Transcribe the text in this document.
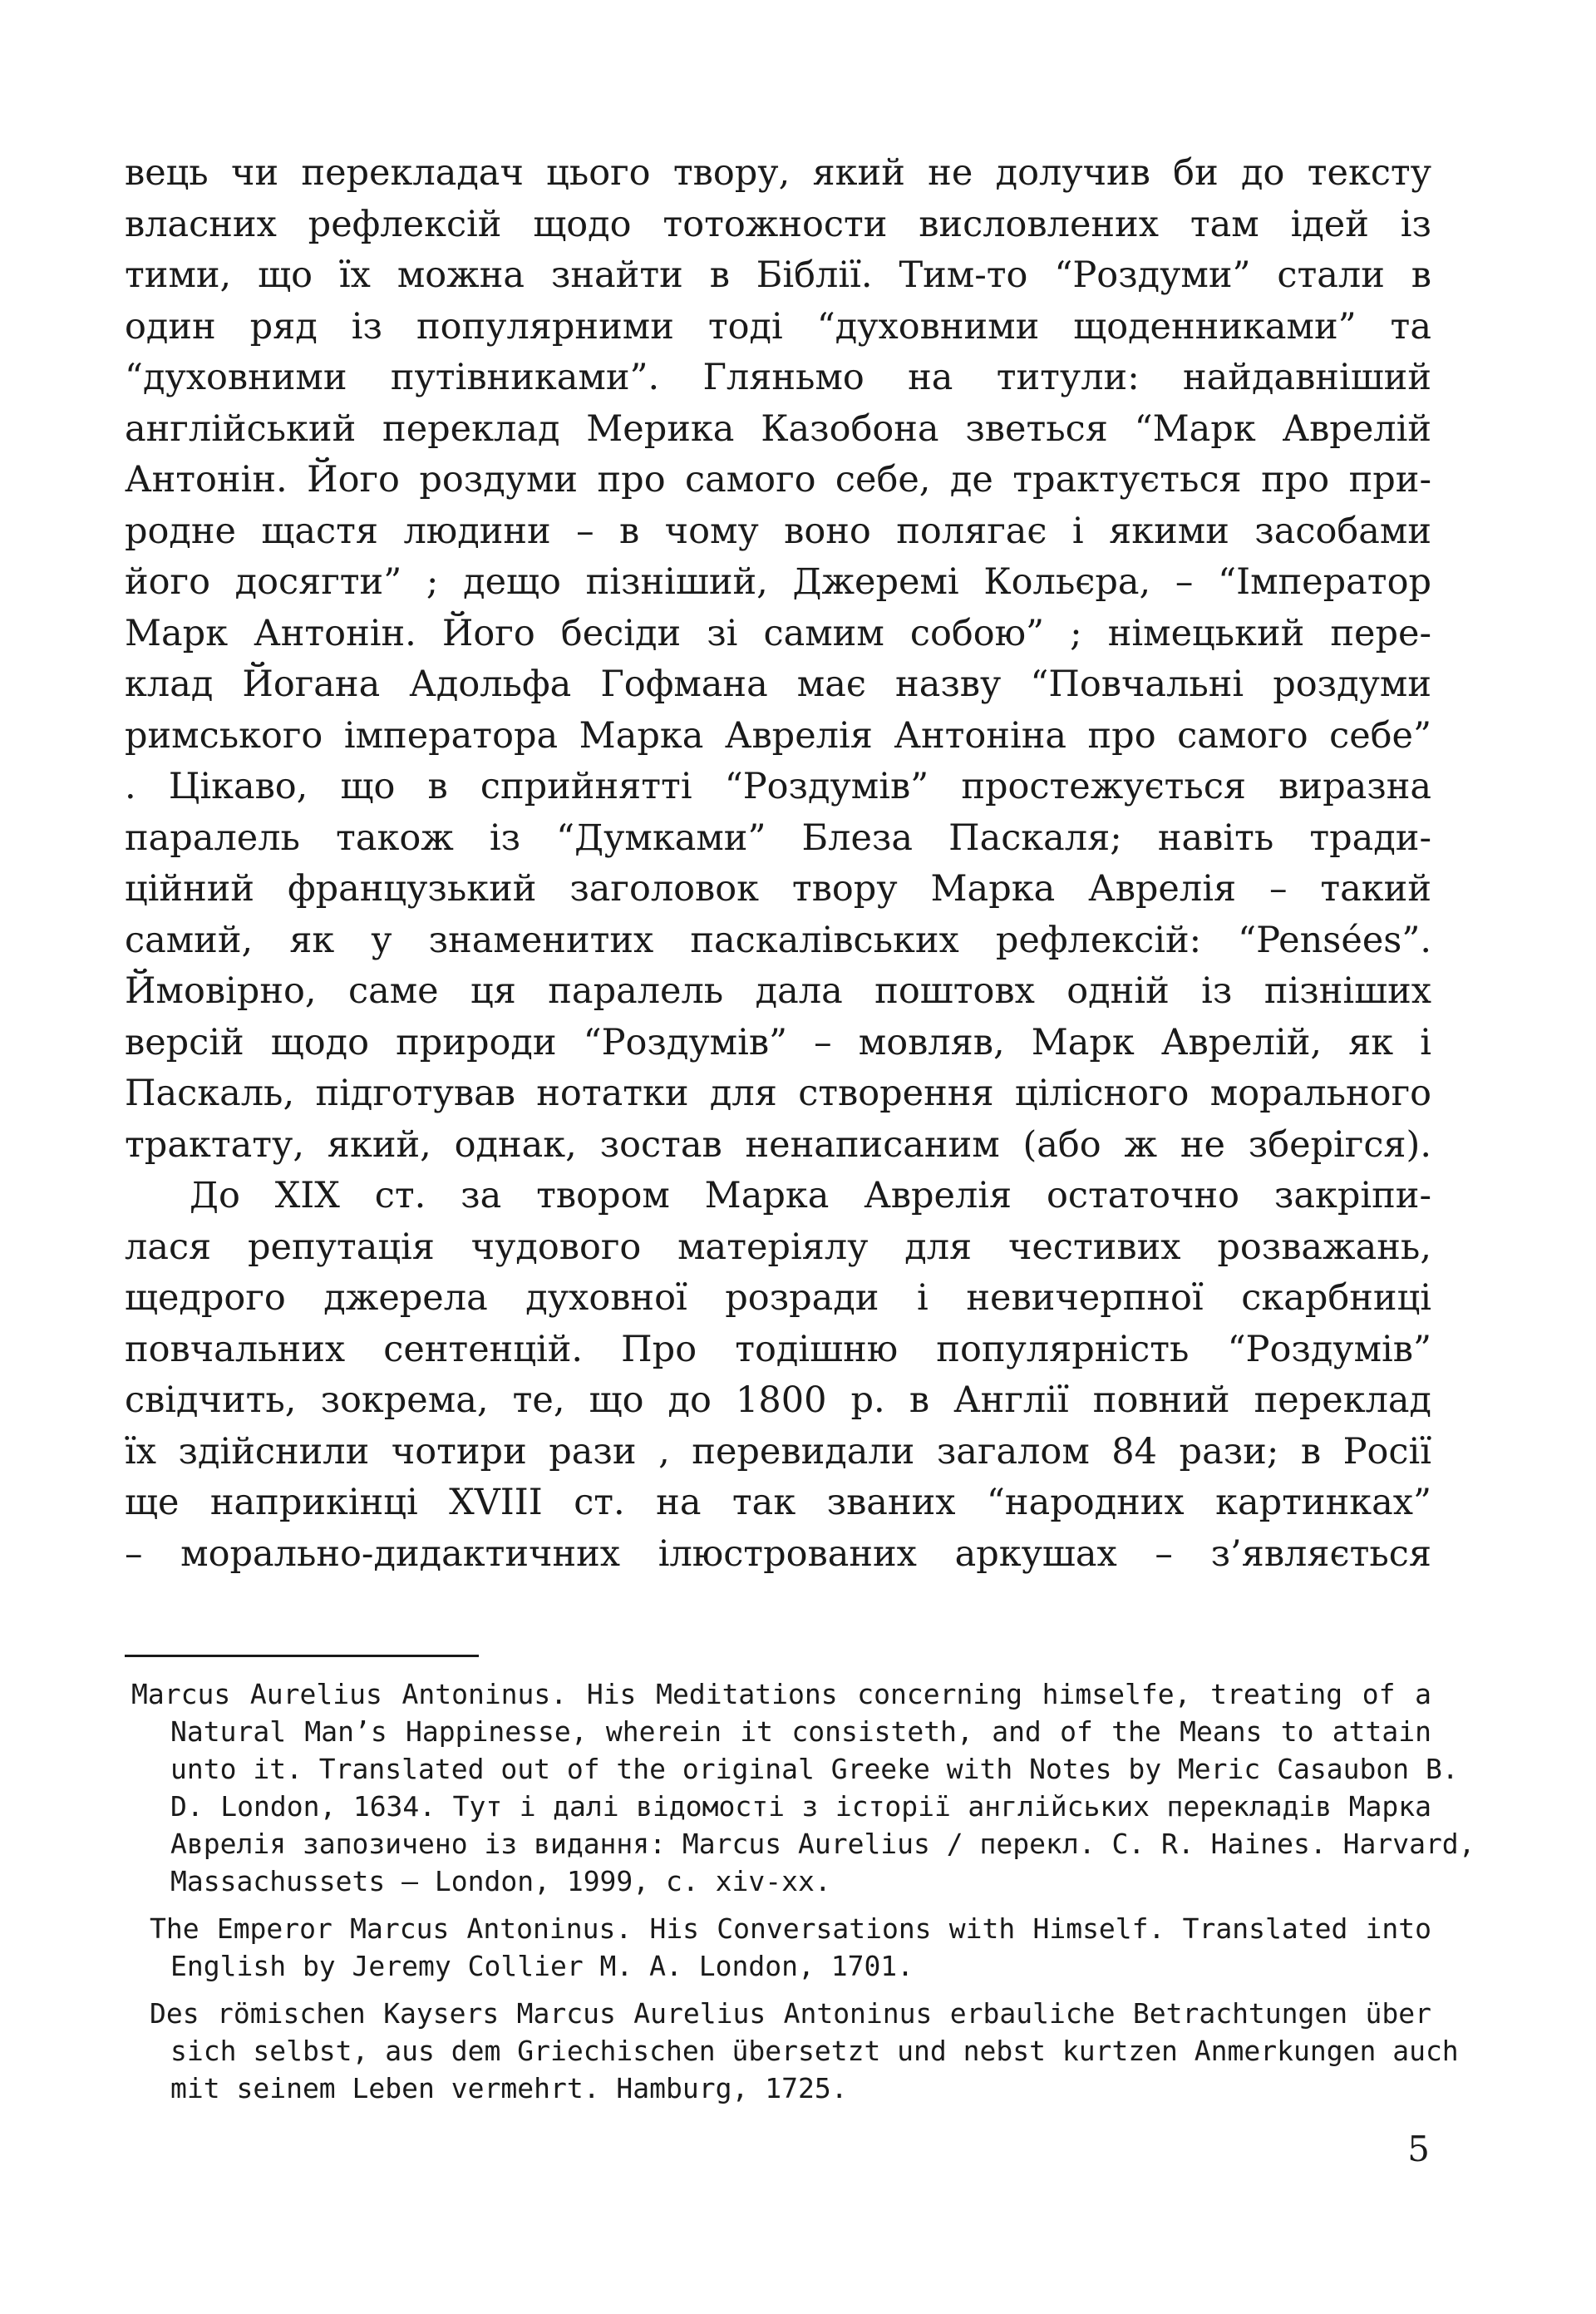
вець чи перекладач цього твору, який не долучив би до тексту
власних рефлексій щодо тотожности висловлених там ідей із
тими, що їх можна знайти в Біблії. Тим-то “Роздуми” стали в
один ряд із популярними тоді “духовними щоденниками” та
“духовними путівниками”. Гляньмо на титули: найдавніший
англійський переклад Мерика Казобона зветься “Марк Аврелій
Антонін. Його роздуми про самого себе, де трактується про при-
родне щастя людини – в чому воно полягає і якими засобами
його досягти” ; дещо пізніший, Джеремі Кольєра, – “Імператор
Марк Антонін. Його бесіди зі самим собою” ; німецький пере-
клад Йогана Адольфа Гофмана має назву “Повчальні роздуми
римського імператора Марка Аврелія Антоніна про самого себе”
. Цікаво, що в сприйнятті “Роздумів” простежується виразна
паралель також із “Думками” Блеза Паскаля; навіть тради-
ційний французький заголовок твору Марка Аврелія – такий
самий, як у знаменитих паскалівських рефлексій: “Pensées”.
Ймовірно, саме ця паралель дала поштовх одній із пізніших
версій щодо природи “Роздумів” – мовляв, Марк Аврелій, як і
Паскаль, підготував нотатки для створення цілісного морального
трактату, який, однак, зостав ненаписаним (або ж не зберігся).
До XIX ст. за твором Марка Аврелія остаточно закріпи-
лася репутація чудового матеріялу для честивих розважань,
щедрого джерела духовної розради і невичерпної скарбниці
повчальних сентенцій. Про тодішню популярність “Роздумів”
свідчить, зокрема, те, що до 1800 р. в Англії повний переклад
їх здійснили чотири рази , перевидали загалом 84 рази; в Росії
ще наприкінці XVIII ст. на так званих “народних картинках”
– морально-дидактичних ілюстрованих аркушах – з’являється
Marcus Aurelius Antoninus. His Meditations concerning himselfe, treating of a
Natural Man’s Happinesse, wherein it consisteth, and of the Means to attain
unto it. Translated out of the original Greeke with Notes by Meric Casaubon B.
D. London, 1634. Тут і далі відомості з історії англійських перекладів Марка
Аврелія запозичено із видання: Marcus Aurelius / перекл. C. R. Haines. Harvard,
Massachussets – London, 1999, с. xiv-xx.
The Emperor Marcus Antoninus. His Conversations with Himself. Translated into
English by Jeremy Collier M. A. London, 1701.
Des römischen Kaysers Marcus Aurelius Antoninus erbauliche Betrachtungen über
sich selbst, aus dem Griechischen übersetzt und nebst kurtzen Anmerkungen auch
mit seinem Leben vermehrt. Hamburg, 1725.
5
